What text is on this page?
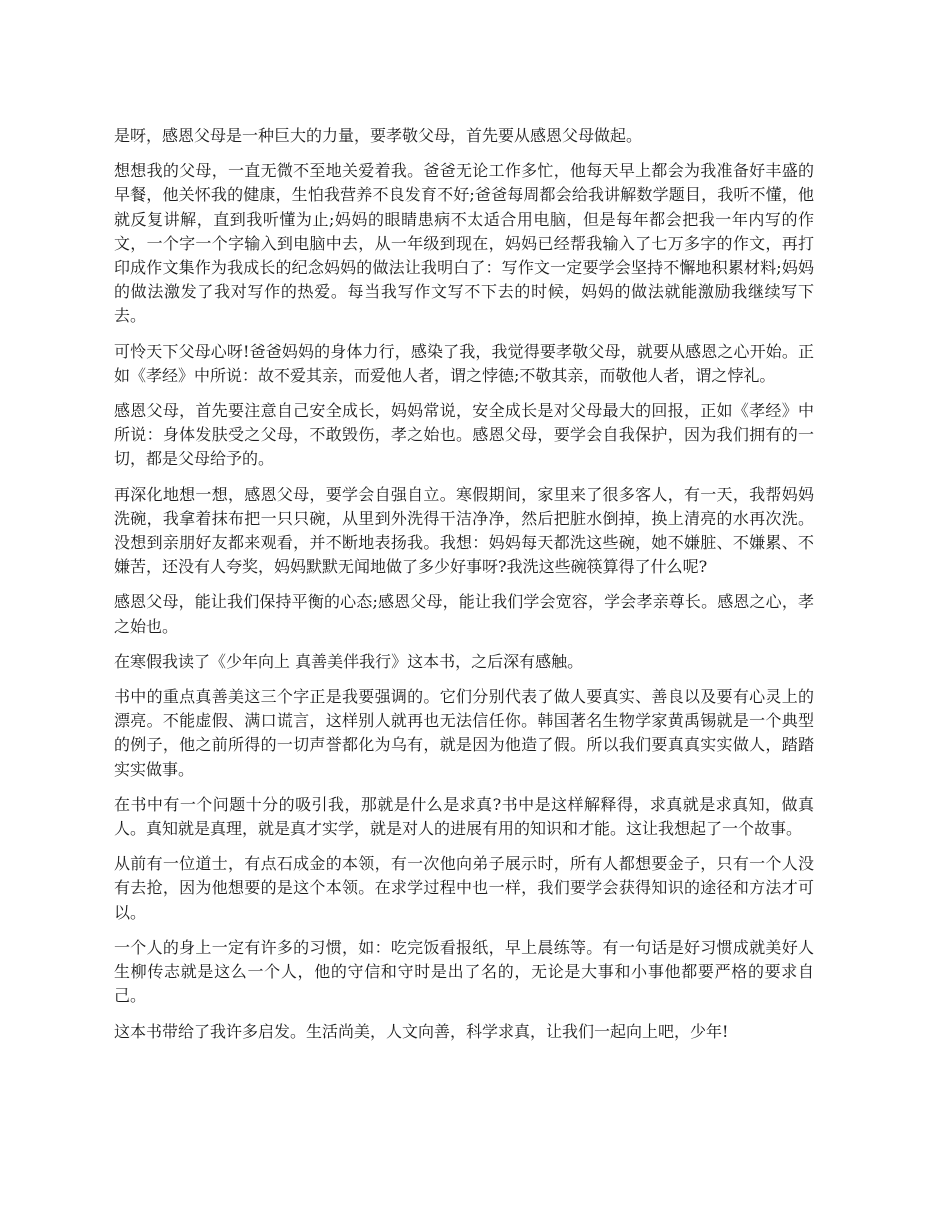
是呀，感恩父母是一种巨大的力量，要孝敬父母，首先要从感恩父母做起。

想想我的父母，一直无微不至地关爱着我。爸爸无论工作多忙，他每天早上都会为我准备好丰盛的早餐，他关怀我的健康，生怕我营养不良发育不好;爸爸每周都会给我讲解数学题目，我听不懂，他就反复讲解，直到我听懂为止;妈妈的眼睛患病不太适合用电脑，但是每年都会把我一年内写的作文，一个字一个字输入到电脑中去，从一年级到现在，妈妈已经帮我输入了七万多字的作文，再打印成作文集作为我成长的纪念妈妈的做法让我明白了：写作文一定要学会坚持不懈地积累材料;妈妈的做法激发了我对写作的热爱。每当我写作文写不下去的时候，妈妈的做法就能激励我继续写下去。

可怜天下父母心呀!爸爸妈妈的身体力行，感染了我，我觉得要孝敬父母，就要从感恩之心开始。正如《孝经》中所说：故不爱其亲，而爱他人者，谓之悖德;不敬其亲，而敬他人者，谓之悖礼。

感恩父母，首先要注意自己安全成长，妈妈常说，安全成长是对父母最大的回报，正如《孝经》中所说：身体发肤受之父母，不敢毁伤，孝之始也。感恩父母，要学会自我保护，因为我们拥有的一切，都是父母给予的。

再深化地想一想，感恩父母，要学会自强自立。寒假期间，家里来了很多客人，有一天，我帮妈妈洗碗，我拿着抹布把一只只碗，从里到外洗得干洁净净，然后把脏水倒掉，换上清亮的水再次洗。没想到亲朋好友都来观看，并不断地表扬我。我想：妈妈每天都洗这些碗，她不嫌脏、不嫌累、不嫌苦，还没有人夸奖，妈妈默默无闻地做了多少好事呀?我洗这些碗筷算得了什么呢?

感恩父母，能让我们保持平衡的心态;感恩父母，能让我们学会宽容，学会孝亲尊长。感恩之心，孝之始也。

在寒假我读了《少年向上 真善美伴我行》这本书，之后深有感触。

书中的重点真善美这三个字正是我要强调的。它们分别代表了做人要真实、善良以及要有心灵上的漂亮。不能虚假、满口谎言，这样别人就再也无法信任你。韩国著名生物学家黄禹锡就是一个典型的例子，他之前所得的一切声誉都化为乌有，就是因为他造了假。所以我们要真真实实做人，踏踏实实做事。

在书中有一个问题十分的吸引我，那就是什么是求真?书中是这样解释得，求真就是求真知，做真人。真知就是真理，就是真才实学，就是对人的进展有用的知识和才能。这让我想起了一个故事。

从前有一位道士，有点石成金的本领，有一次他向弟子展示时，所有人都想要金子，只有一个人没有去抢，因为他想要的是这个本领。在求学过程中也一样，我们要学会获得知识的途径和方法才可以。

一个人的身上一定有许多的习惯，如：吃完饭看报纸，早上晨练等。有一句话是好习惯成就美好人生柳传志就是这么一个人，他的守信和守时是出了名的，无论是大事和小事他都要严格的要求自己。

这本书带给了我许多启发。生活尚美，人文向善，科学求真，让我们一起向上吧，少年!
